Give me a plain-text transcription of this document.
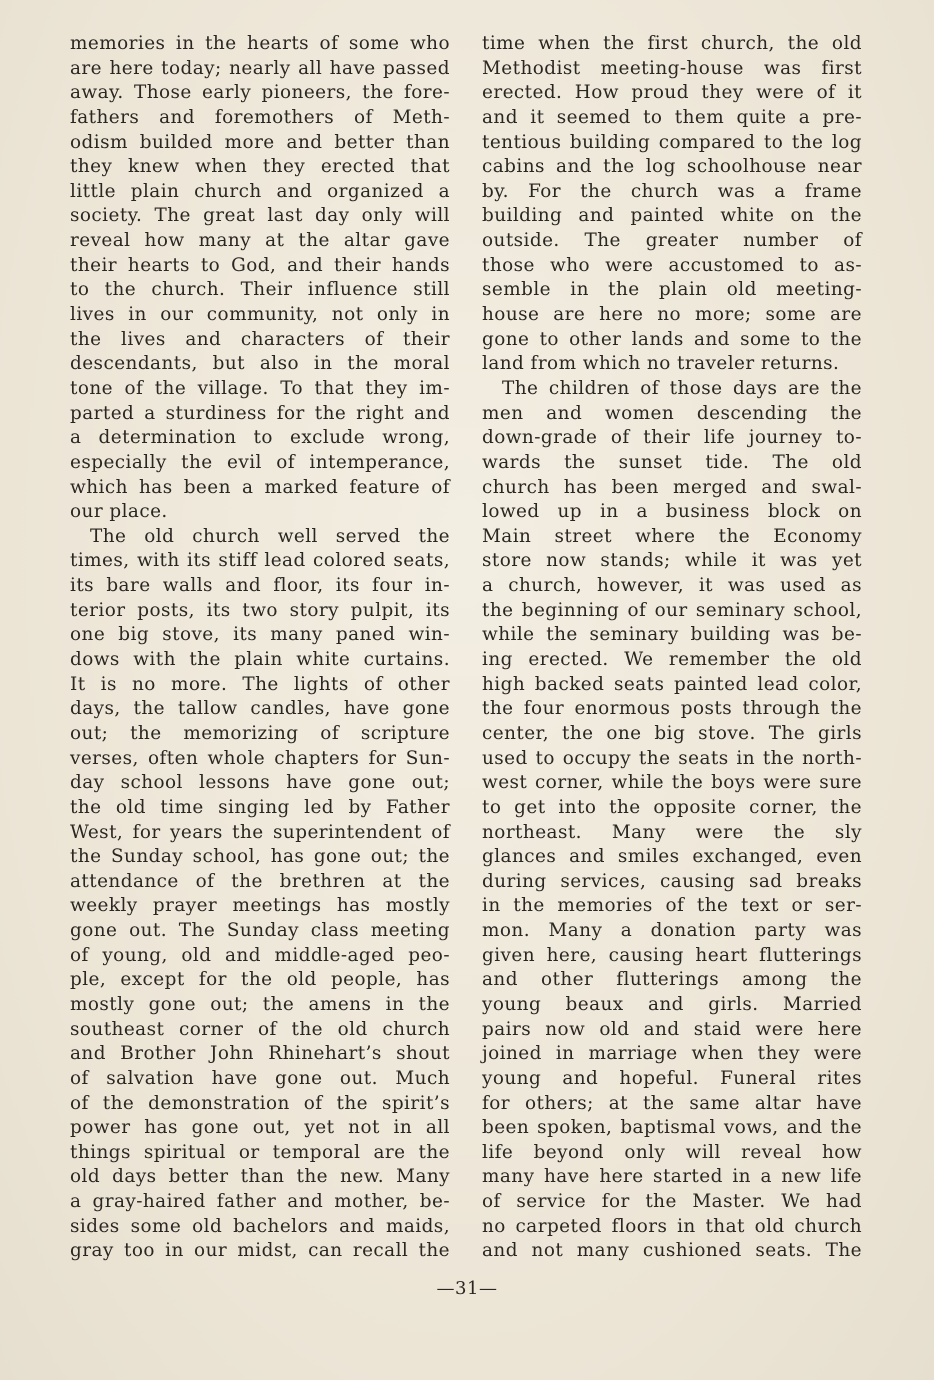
memories in the hearts of some who
are here today; nearly all have passed
away. Those early pioneers, the fore-
fathers and foremothers of Meth-
odism builded more and better than
they knew when they erected that
little plain church and organized a
society. The great last day only will
reveal how many at the altar gave
their hearts to God, and their hands
to the church. Their influence still
lives in our community, not only in
the lives and characters of their
descendants, but also in the moral
tone of the village. To that they im-
parted a sturdiness for the right and
a determination to exclude wrong,
especially the evil of intemperance,
which has been a marked feature of
our place.
The old church well served the
times, with its stiff lead colored seats,
its bare walls and floor, its four in-
terior posts, its two story pulpit, its
one big stove, its many paned win-
dows with the plain white curtains.
It is no more. The lights of other
days, the tallow candles, have gone
out; the memorizing of scripture
verses, often whole chapters for Sun-
day school lessons have gone out;
the old time singing led by Father
West, for years the superintendent of
the Sunday school, has gone out; the
attendance of the brethren at the
weekly prayer meetings has mostly
gone out. The Sunday class meeting
of young, old and middle-aged peo-
ple, except for the old people, has
mostly gone out; the amens in the
southeast corner of the old church
and Brother John Rhinehart’s shout
of salvation have gone out. Much
of the demonstration of the spirit’s
power has gone out, yet not in all
things spiritual or temporal are the
old days better than the new. Many
a gray-haired father and mother, be-
sides some old bachelors and maids,
gray too in our midst, can recall the
time when the first church, the old
Methodist meeting-house was first
erected. How proud they were of it
and it seemed to them quite a pre-
tentious building compared to the log
cabins and the log schoolhouse near
by. For the church was a frame
building and painted white on the
outside. The greater number of
those who were accustomed to as-
semble in the plain old meeting-
house are here no more; some are
gone to other lands and some to the
land from which no traveler returns.
The children of those days are the
men and women descending the
down-grade of their life journey to-
wards the sunset tide. The old
church has been merged and swal-
lowed up in a business block on
Main street where the Economy
store now stands; while it was yet
a church, however, it was used as
the beginning of our seminary school,
while the seminary building was be-
ing erected. We remember the old
high backed seats painted lead color,
the four enormous posts through the
center, the one big stove. The girls
used to occupy the seats in the north-
west corner, while the boys were sure
to get into the opposite corner, the
northeast. Many were the sly
glances and smiles exchanged, even
during services, causing sad breaks
in the memories of the text or ser-
mon. Many a donation party was
given here, causing heart flutterings
and other flutterings among the
young beaux and girls. Married
pairs now old and staid were here
joined in marriage when they were
young and hopeful. Funeral rites
for others; at the same altar have
been spoken, baptismal vows, and the
life beyond only will reveal how
many have here started in a new life
of service for the Master. We had
no carpeted floors in that old church
and not many cushioned seats. The
—31—
